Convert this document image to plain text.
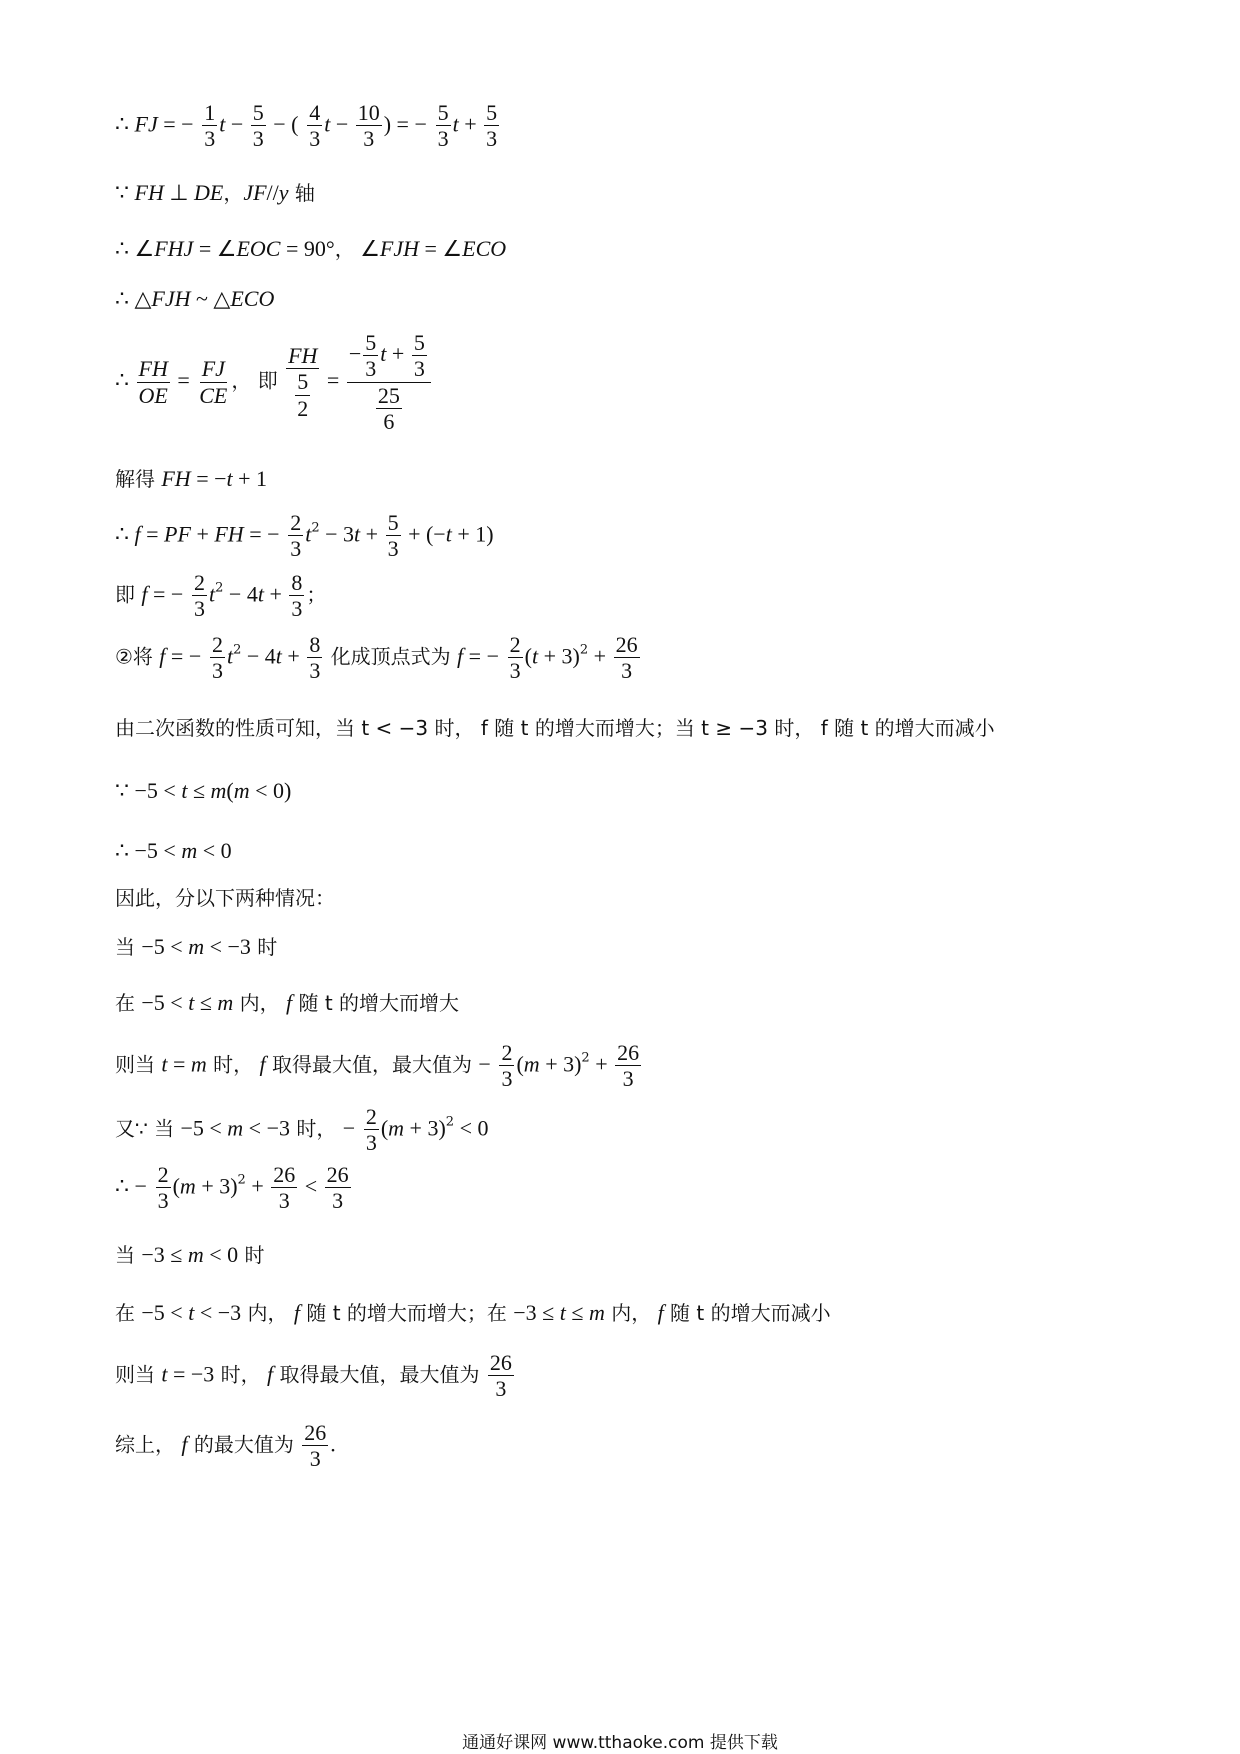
∴ FJ = − $\frac{1}{3}$ $t - \frac{5}{3}$ − ( $\frac{4}{3}$ $t - \frac{10}{3}$ ) = − $\frac{5}{3}$ $t + \frac{5}{3}$
∵ FH ⊥ DE，JF//y 轴
∴ ∠FHJ = ∠EOC = 90°， ∠FJH = ∠ECO
∴ △FJH ~ △ECO
∴ $\frac{FH}{OE} = \frac{FJ}{CE}$ ， 即 $\frac{FH}{\frac{5}{2}} = \frac{- \frac{5}{3} t + \frac{5}{3}}{\frac{25}{6}}$
解得 FH = −t + 1
∴ f = PF + FH = − $\frac{2}{3} t^2 - 3t + \frac{5}{3} + (-t + 1)$
即 f = − $\frac{2}{3} t^2 - 4t + \frac{8}{3}$ ；
②将 f = − $\frac{2}{3} t^2 - 4t + \frac{8}{3}$ 化成顶点式为 f = − $\frac{2}{3} (t + 3)^2 + \frac{26}{3}$
由二次函数的性质可知，当 t < −3 时， f 随 t 的增大而增大；当 t ≥ −3 时， f 随 t 的增大而减小
∵ −5 < t ≤ m(m < 0)
∴ −5 < m < 0
因此，分以下两种情况：
当 −5 < m < −3 时
在 −5 < t ≤ m 内， f 随 t 的增大而增大
则当 t = m 时， f 取得最大值，最大值为 − $\frac{2}{3} (m + 3)^2 + \frac{26}{3}$
又∵ 当 −5 < m < −3 时， − $\frac{2}{3} (m + 3)^2 < 0$
∴ − $\frac{2}{3} (m + 3)^2 + \frac{26}{3} < \frac{26}{3}$
当 −3 ≤ m < 0 时
在 −5 < t < −3 内， f 随 t 的增大而增大；在 −3 ≤ t ≤ m 内， f 随 t 的增大而减小
则当 t = −3 时， f 取得最大值，最大值为 $\frac{26}{3}$
综上， f 的最大值为 $\frac{26}{3}$ .
通通好课网 www.tthaoke.com 提供下载
